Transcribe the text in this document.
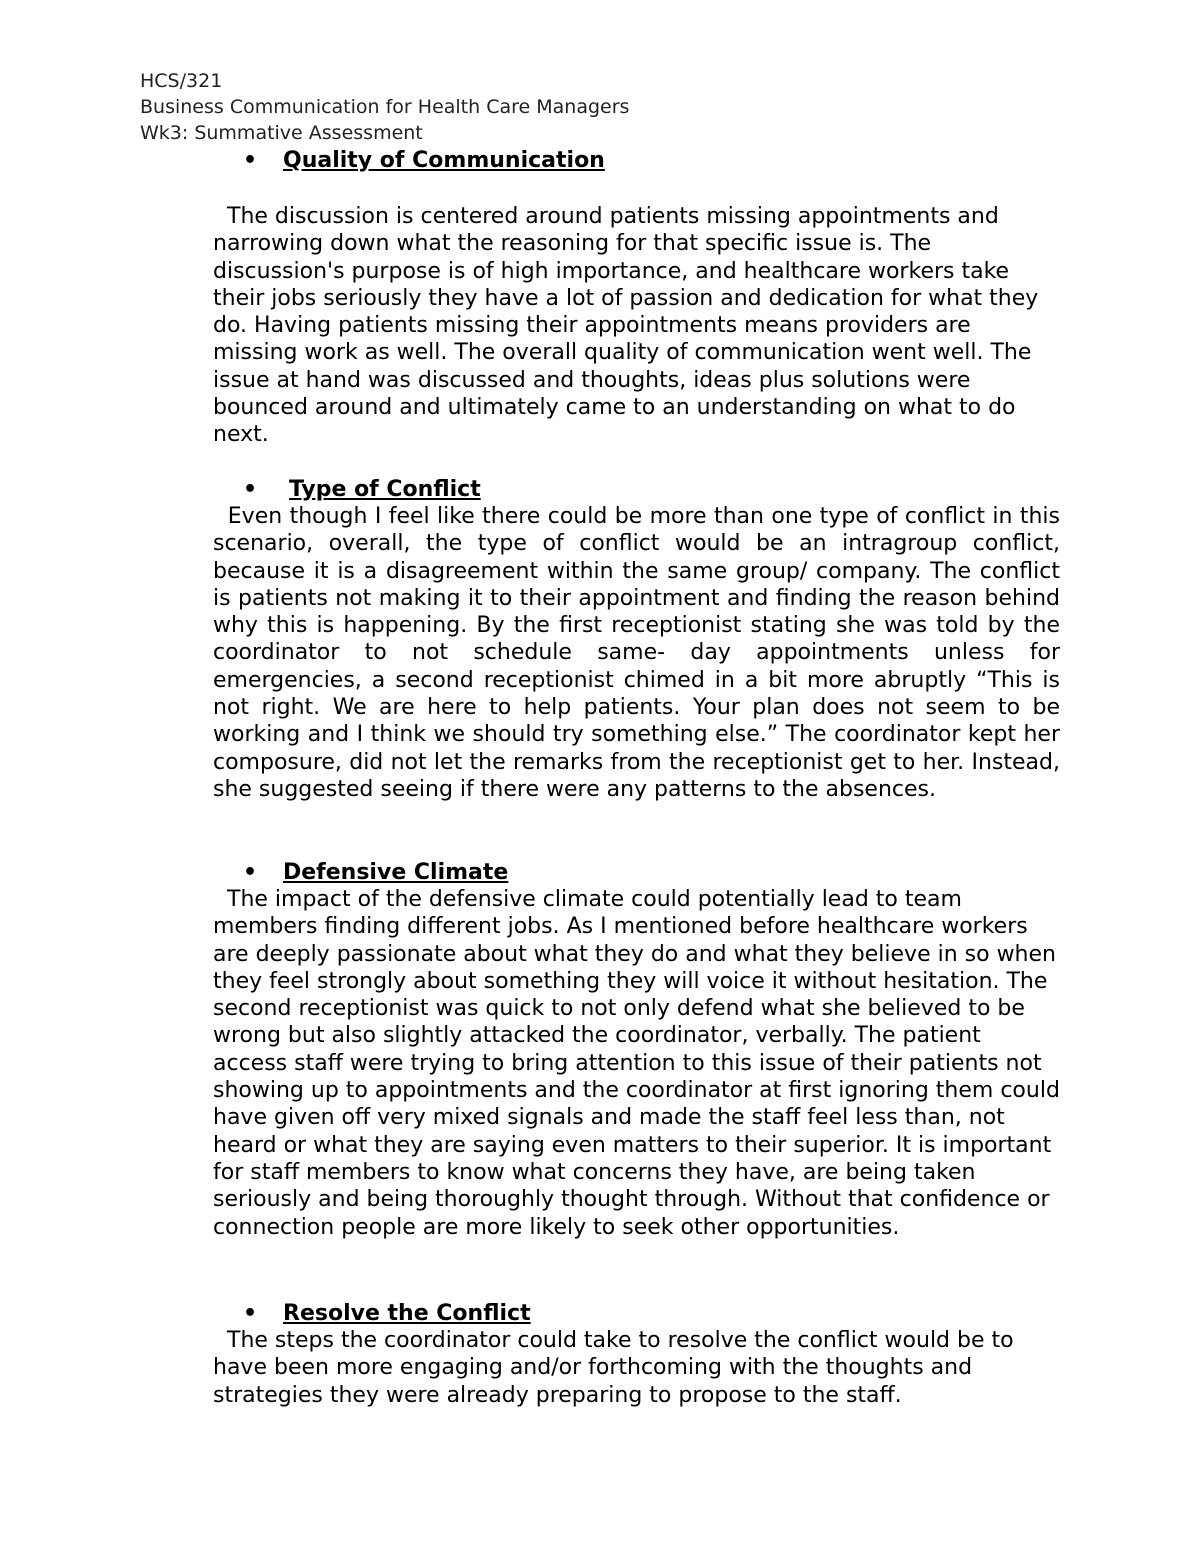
HCS/321
Business Communication for Health Care Managers
Wk3: Summative Assessment
• Quality of Communication

The discussion is centered around patients missing appointments and narrowing down what the reasoning for that specific issue is. The discussion's purpose is of high importance, and healthcare workers take their jobs seriously they have a lot of passion and dedication for what they do. Having patients missing their appointments means providers are missing work as well. The overall quality of communication went well. The issue at hand was discussed and thoughts, ideas plus solutions were bounced around and ultimately came to an understanding on what to do next.

• Type of Conflict

Even though I feel like there could be more than one type of conflict in this scenario, overall, the type of conflict would be an intragroup conflict, because it is a disagreement within the same group/ company. The conflict is patients not making it to their appointment and finding the reason behind why this is happening. By the first receptionist stating she was told by the coordinator to not schedule same- day appointments unless for emergencies, a second receptionist chimed in a bit more abruptly “This is not right. We are here to help patients. Your plan does not seem to be working and I think we should try something else.” The coordinator kept her composure, did not let the remarks from the receptionist get to her. Instead, she suggested seeing if there were any patterns to the absences.

• Defensive Climate

The impact of the defensive climate could potentially lead to team members finding different jobs. As I mentioned before healthcare workers are deeply passionate about what they do and what they believe in so when they feel strongly about something they will voice it without hesitation. The second receptionist was quick to not only defend what she believed to be wrong but also slightly attacked the coordinator, verbally. The patient access staff were trying to bring attention to this issue of their patients not showing up to appointments and the coordinator at first ignoring them could have given off very mixed signals and made the staff feel less than, not heard or what they are saying even matters to their superior. It is important for staff members to know what concerns they have, are being taken seriously and being thoroughly thought through. Without that confidence or connection people are more likely to seek other opportunities.

• Resolve the Conflict

The steps the coordinator could take to resolve the conflict would be to have been more engaging and/or forthcoming with the thoughts and strategies they were already preparing to propose to the staff.
